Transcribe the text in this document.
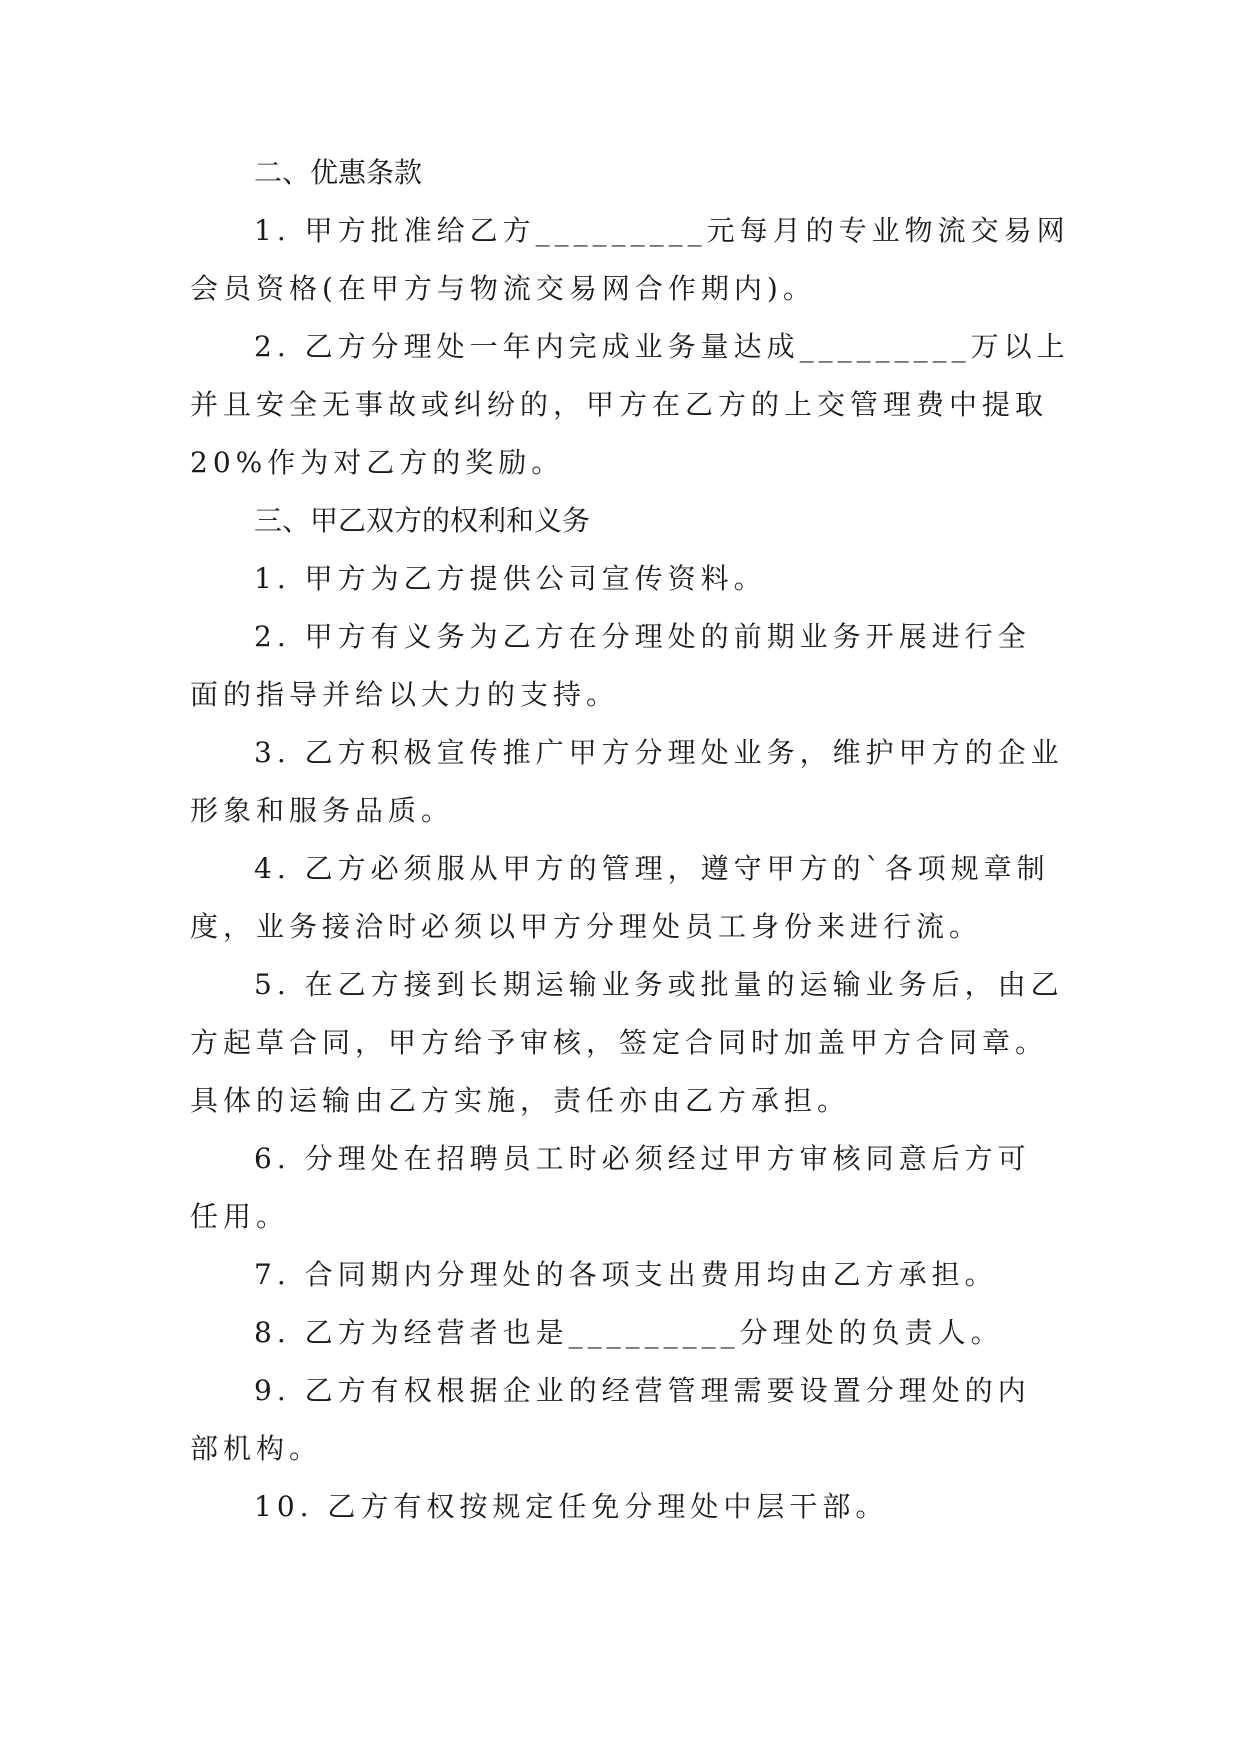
二、优惠条款

1. 甲方批准给乙方_________元每月的专业物流交易网
会员资格(在甲方与物流交易网合作期内)。

2. 乙方分理处一年内完成业务量达成_________万以上
并且安全无事故或纠纷的，甲方在乙方的上交管理费中提取
20%作为对乙方的奖励。

三、甲乙双方的权利和义务

1. 甲方为乙方提供公司宣传资料。

2. 甲方有义务为乙方在分理处的前期业务开展进行全
面的指导并给以大力的支持。

3. 乙方积极宣传推广甲方分理处业务，维护甲方的企业
形象和服务品质。

4. 乙方必须服从甲方的管理，遵守甲方的`各项规章制
度，业务接洽时必须以甲方分理处员工身份来进行流。

5. 在乙方接到长期运输业务或批量的运输业务后，由乙
方起草合同，甲方给予审核，签定合同时加盖甲方合同章。
具体的运输由乙方实施，责任亦由乙方承担。

6. 分理处在招聘员工时必须经过甲方审核同意后方可
任用。

7. 合同期内分理处的各项支出费用均由乙方承担。

8. 乙方为经营者也是_________分理处的负责人。

9. 乙方有权根据企业的经营管理需要设置分理处的内
部机构。

10. 乙方有权按规定任免分理处中层干部。
